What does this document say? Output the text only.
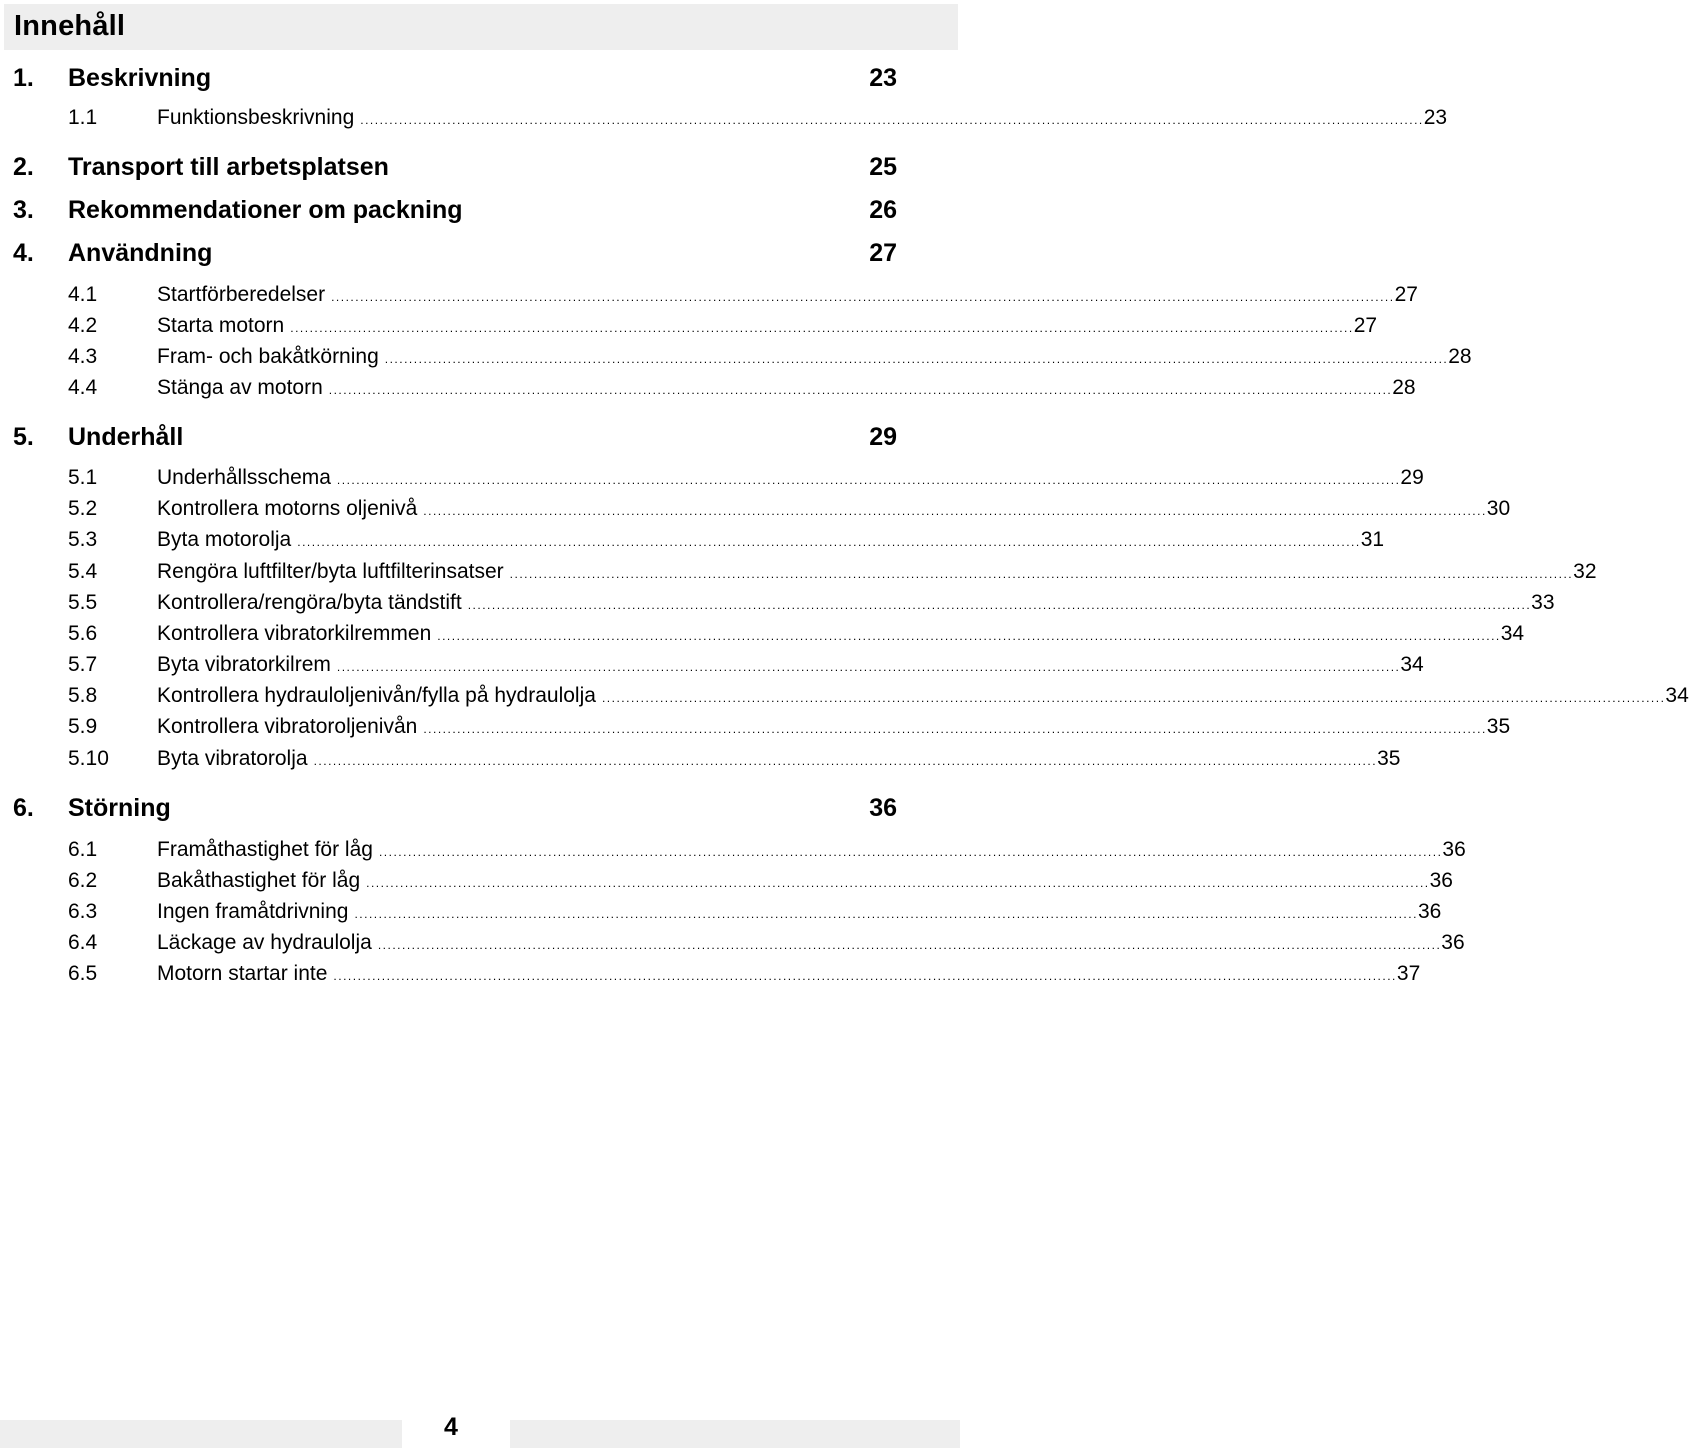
Innehåll
1. Beskrivning	23
1.1	Funktionsbeskrivning ............................................................................................................................................................................................................................ 23
2. Transport till arbetsplatsen	25
3. Rekommendationer om packning	26
4. Användning	27
4.1	Startförberedelser ............................................................................................................................................................................................................................ 27
4.2	Starta motorn ............................................................................................................................................................................................................................ 27
4.3	Fram- och bakåtkörning ............................................................................................................................................................................................................................ 28
4.4	Stänga av motorn ............................................................................................................................................................................................................................ 28
5. Underhåll	29
5.1	Underhållsschema ............................................................................................................................................................................................................................ 29
5.2	Kontrollera motorns oljenivå ............................................................................................................................................................................................................................ 30
5.3	Byta motorolja ............................................................................................................................................................................................................................ 31
5.4	Rengöra luftfilter/byta luftfilterinsatser ............................................................................................................................................................................................................................ 32
5.5	Kontrollera/rengöra/byta tändstift ............................................................................................................................................................................................................................ 33
5.6	Kontrollera vibratorkilremmen ............................................................................................................................................................................................................................ 34
5.7	Byta vibratorkilrem ............................................................................................................................................................................................................................ 34
5.8	Kontrollera hydrauloljenivån/fylla på hydraulolja ............................................................................................................................................................................................................................ 34
5.9	Kontrollera vibratoroljenivån ............................................................................................................................................................................................................................ 35
5.10 Byta vibratorolja ............................................................................................................................................................................................................................ 35
6. Störning	36
6.1	Framåthastighet för låg ............................................................................................................................................................................................................................ 36
6.2	Bakåthastighet för låg ............................................................................................................................................................................................................................ 36
6.3	Ingen framåtdrivning ............................................................................................................................................................................................................................ 36
6.4	Läckage av hydraulolja ............................................................................................................................................................................................................................ 36
6.5	Motorn startar inte ............................................................................................................................................................................................................................ 37
4
